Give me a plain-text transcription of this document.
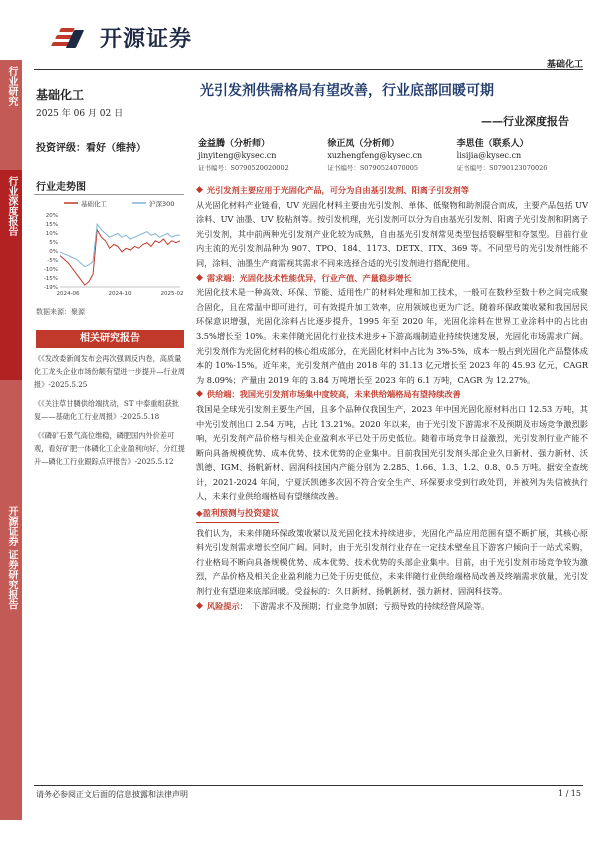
行业研究
行业深度报告
开源证券 证券研究报告
开源证券
基础化工
基础化工
2025 年 06 月 02 日
投资评级：看好（维持）
行业走势图
基础化工	沪深300
20%
15%
10%
5%
0%
-5%
-10%
-15%
-19%
2024-06	2024-10	2025-02
数据来源：聚源
相关研究报告
《 《发改委新闻发布会再次强调反内卷，高质量化工龙头企业市场份额有望进一步提升—行业周报》-2025.5.25
《 《关注草甘膦供给端扰动，ST 中泰重组获批复——基础化工行业周报》-2025.5.18
《 《磷矿石景气高位维稳，磷肥国内外价差可观，看好矿肥一体磷化工企业盈利向好、分红提升—磷化工行业跟踪点评报告》-2025.5.12
光引发剂供需格局有望改善，行业底部回暖可期
——行业深度报告
金益腾（分析师）
jinyiteng@kysec.cn
证书编号：S0790520020002
徐正凤（分析师）
xuzhengfeng@kysec.cn
证书编号：S0790524070005
李思佳（联系人）
lisijia@kysec.cn
证书编号：S0790123070026
◆ 光引发剂主要应用于光固化产品，可分为自由基引发剂、阳离子引发剂等
从光固化材料产业链看，UV 光固化材料主要由光引发剂、单体、低聚物和助剂混合而成，主要产品包括 UV 涂料、UV 油墨、UV 胶粘剂等。按引发机理，光引发剂可以分为自由基光引发剂、阳离子光引发剂和阴离子光引发剂，其中前两种光引发剂产业化较为成熟，自由基光引发剂常见类型包括裂解型和夺氢型。目前行业内主流的光引发剂品种为 907、TPO、184、1173、DETX、ITX、369 等。不同型号的光引发剂性能不同，涂料、油墨生产商需视其需求不同来选择合适的光引发剂进行搭配使用。
◆ 需求端：光固化技术性能优异，行业产值、产量稳步增长
光固化技术是一种高效、环保、节能、适用性广的材料处理和加工技术，一般可在数秒至数十秒之间完成聚合固化，且在常温中即可进行，可有效提升加工效率，应用领域也更为广泛。随着环保政策收紧和我国居民环保意识增强，光固化涂料占比逐步提升，1995 年至 2020 年，光固化涂料在世界工业涂料中的占比由 3.5%增长至 10%。未来伴随光固化行业技术进步+下游高端制造业持续快速发展，光固化市场需求广阔。光引发剂作为光固化材料的核心组成部分，在光固化材料中占比为 3%-5%，成本一般占到光固化产品整体成本的 10%-15%。近年来，光引发剂产值由 2018 年的 31.13 亿元增长至 2023 年的 45.93 亿元，CAGR 为 8.09%；产量由 2019 年的 3.84 万吨增长至 2023 年的 6.1 万吨，CAGR 为 12.27%。
◆ 供给端：我国光引发剂市场集中度较高，未来供给端格局有望持续改善
我国是全球光引发剂主要生产国，且多个品种仅我国生产，2023 年中国光固化原材料出口 12.53 万吨，其中光引发剂出口 2.54 万吨，占比 13.21%。2020 年以来，由于光引发下游需求不及预期及市场竞争激烈影响，光引发剂产品价格与相关企业盈利水平已处于历史低位。随着市场竞争日益激烈，光引发剂行业产能不断向具备规模优势、成本优势、技术优势的企业集中。目前我国光引发剂头部企业久日新材、强力新材、沃凯德、IGM、扬帆新材、固润科技国内产能分别为 2.285、1.66、1.3、1.2、0.8、0.5 万吨。据安全查统计，2021-2024 年间，宁夏沃凯德多次因不符合安全生产、环保要求受到行政处罚，并被列为失信被执行人，未来行业供给端格局有望继续改善。
◆ 盈利预测与投资建议
我们认为，未来伴随环保政策收紧以及光固化技术持续进步，光固化产品应用范围有望不断扩展，其核心原料光引发剂需求增长空间广阔。同时，由于光引发剂行业存在一定技术壁垒且下游客户倾向于一站式采购，行业格局不断向具备规模优势、成本优势、技术优势的头部企业集中。目前，由于光引发剂市场竞争较为激烈，产品价格及相关企业盈利能力已处于历史低位，未来伴随行业供给端格局改善及终端需求放量，光引发剂行业有望迎来底部回暖。受益标的：久日新材、扬帆新材、强力新材、固润科技等。
◆ 风险提示： 下游需求不及预期；行业竞争加剧；亏损导致的持续经营风险等。
请务必参阅正文后面的信息披露和法律声明	1 / 15
